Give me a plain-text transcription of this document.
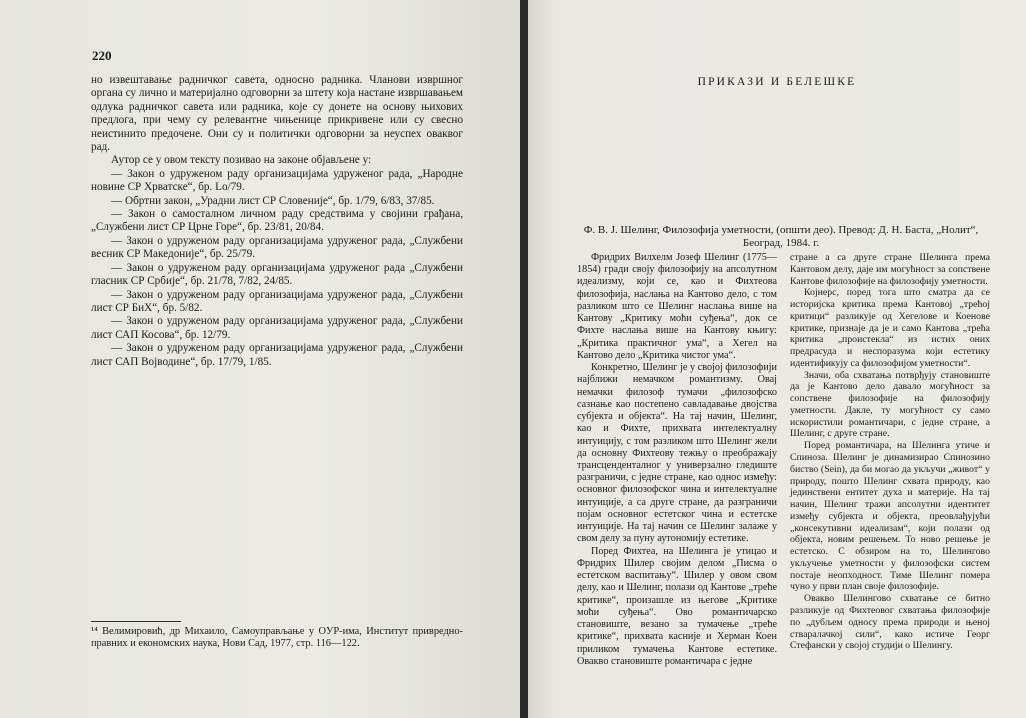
220

но извештавање радничког савета, односно радника. Чланови извршног органа су лично и материјално одговорни за штету која настане извршавањем одлука радничког савета или радника, које су донете на основу њихових предлога, при чему су релевантне чињенице прикривене или су свесно неистинито предочене. Они су и политички одговорни за неуспех оваквог рад.

Аутор се у овом тексту позивао на законе објављене у:

— Закон о удруженом раду организацијама удруженог рада, „Народне новине СР Хрватске“, бр. Lo/79.

— Обртни закон, „Урадни лист СР Словеније“, бр. 1/79, 6/83, 37/85.

— Закон о самосталном личном раду средствима у својини грађана, „Службени лист СР Црне Горе“, бр. 23/81, 20/84.

— Закон о удруженом раду организацијама удруженог рада, „Службени весник СР Македоније“, бр. 25/79.

— Закон о удруженом раду организацијама удруженог рада „Службени гласник СР Србије“, бр. 21/78, 7/82, 24/85.

— Закон о удруженом раду организацијама удруженог рада, „Службени лист СР БиХ“, бр. 5/82.

— Закон о удруженом раду организацијама удруженог рада, „Службени лист САП Косова“, бр. 12/79.

— Закон о удруженом раду организацијама удруженог рада, „Службени лист САП Војводине“, бр. 17/79, 1/85.

¹⁴ Велимировић, др Михаило, Самоуправљање у OУР-има, Институт привредно-правних и економских наука, Нови Сад, 1977, стр. 116—122.
ПРИКАЗИ И БЕЛЕШКЕ
Ф. В. Ј. Шелинг, Филозофија уметности, (општи део). Превод: Д. Н. Баста, „Нолит“, Београд, 1984. г.

Фридрих Вилхелм Јозеф Шелинг (1775—1854) гради своју филозофију на апсолутном идеализму, који се, као и Фихтеова филозофија, наслања на Кантово дело, с том разликом што се Шелинг наслања више на Кантову „Критику моћи суђења“, док се Фихте наслања више на Кантову књигу: „Критика практичног ума“, а Хегел на Кантово дело „Критика чистог ума“.

Конкретно, Шелинг је у својој филозофији најближи немачком романтизму. Овај немачки филозоф тумачи „филозофско сазнање као постепено савладавање двојства субјекта и објекта“. На тај начин, Шелинг, као и Фихте, прихвата интелектуалну интуицију, с том разликом што Шелинг жели да основну Фихтеову тежњу о преображају трансценденталног у универзално гледиште разграничи, с једне стране, као однос између: основног филозофског чина и интелектуалне интуиције, а са друге стране, да разграничи појам основног естетског чина и естетске интуиције. На тај начин се Шелинг залаже у свом делу за пуну аутономију естетике.

Поред Фихтеа, на Шелинга је утицао и Фридрих Шилер својим делом „Писма о естетском васпитању“. Шилер у овом свом делу, као и Шелинг, полази од Кантове „треће критике“, произашле из његове „Критике моћи суђења“. Ово романтичарско становиште, везано за тумачење „треће критике“, прихвата касније и Херман Коен приликом тумачења Кантове естетике. Оваквo становиште романтичара с једне

стране а са друге стране Шелинга према Кантовом делу, даје им могућност за сопствене Кантове филозофије на филозофију уметности.

Којнерс, поред тога што сматра да се историјска критика према Кантовој „трећој критици“ разликује од Хегелове и Коенове критике, признаје да је и само Кантова „трећа критика „проистекла“ из истих оних предрасуда и неспоразума који естетику идентификују са филозофијом уметности“.

Значи, оба схватања потврђују становиште да је Кантово дело давало могућност за сопствене филозофије на филозофију уметности. Дакле, ту могућност су само искористили романтичари, с једне стране, а Шелинг, с друге стране.

Поред романтичара, на Шелинга утиче и Спиноза. Шелинг је динамизирао Спинозино биство (Sein), да би могао да укључи „живот“ у природу, пошто Шелинг схвата природу, као јединствени ентитет духа и материје. На тај начин, Шелинг тражи апсолутни идентитет између субјекта и објекта, преовлађујући „консекутивни идеализам“, који полази од објекта, новим решењем. То ново решење је естетско. С обзиром на то, Шелингово укључење уметности у филозофски систем постаје неопходност. Тиме Шелинг померa чуно у први план своје филозофије.

Овакво Шелингово схватање се битно разликује од Фихтеовог схватања филозофије по „дубљем односу према природи и њеној стваралачкој сили“, како истиче Георг Стефански у својој студији о Шелингу.
